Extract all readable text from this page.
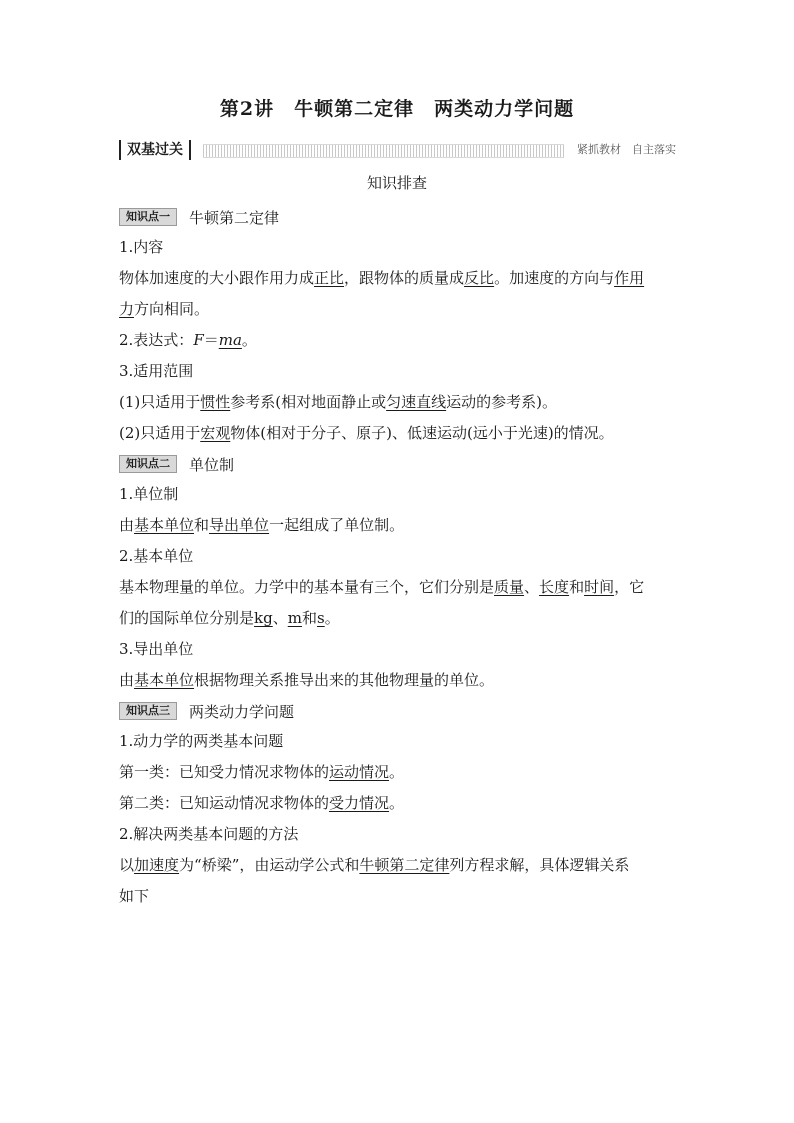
第2讲　牛顿第二定律　两类动力学问题
双基过关	紧抓教材　自主落实
知识排查
知识点一	牛顿第二定律
1.内容
物体加速度的大小跟作用力成正比，跟物体的质量成反比。加速度的方向与作用
力方向相同。
2.表达式：F＝ma。
3.适用范围
(1)只适用于惯性参考系(相对地面静止或匀速直线运动的参考系)。
(2)只适用于宏观物体(相对于分子、原子)、低速运动(远小于光速)的情况。
知识点二	单位制
1.单位制
由基本单位和导出单位一起组成了单位制。
2.基本单位
基本物理量的单位。力学中的基本量有三个，它们分别是质量、长度和时间，它
们的国际单位分别是kg、m和s。
3.导出单位
由基本单位根据物理关系推导出来的其他物理量的单位。
知识点三	两类动力学问题
1.动力学的两类基本问题
第一类：已知受力情况求物体的运动情况。
第二类：已知运动情况求物体的受力情况。
2.解决两类基本问题的方法
以加速度为“桥梁”，由运动学公式和牛顿第二定律列方程求解，具体逻辑关系
如下
